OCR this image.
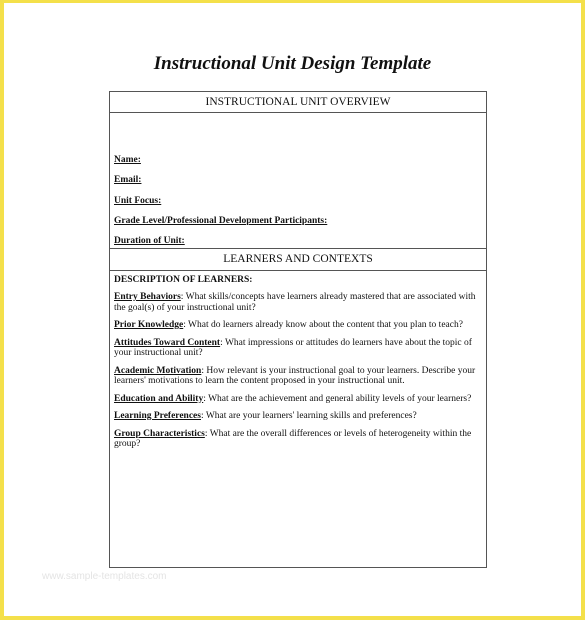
Instructional Unit Design Template
INSTRUCTIONAL UNIT OVERVIEW
Name:
Email:
Unit Focus:
Grade Level/Professional Development Participants:
Duration of Unit:
LEARNERS AND CONTEXTS
DESCRIPTION OF LEARNERS:
Entry Behaviors: What skills/concepts have learners already mastered that are associated with the goal(s) of your instructional unit?
Prior Knowledge: What do learners already know about the content that you plan to teach?
Attitudes Toward Content: What impressions or attitudes do learners have about the topic of your instructional unit?
Academic Motivation: How relevant is your instructional goal to your learners. Describe your learners' motivations to learn the content proposed in your instructional unit.
Education and Ability: What are the achievement and general ability levels of your learners?
Learning Preferences: What are your learners' learning skills and preferences?
Group Characteristics: What are the overall differences or levels of heterogeneity within the group?
www.sample-templates.com
